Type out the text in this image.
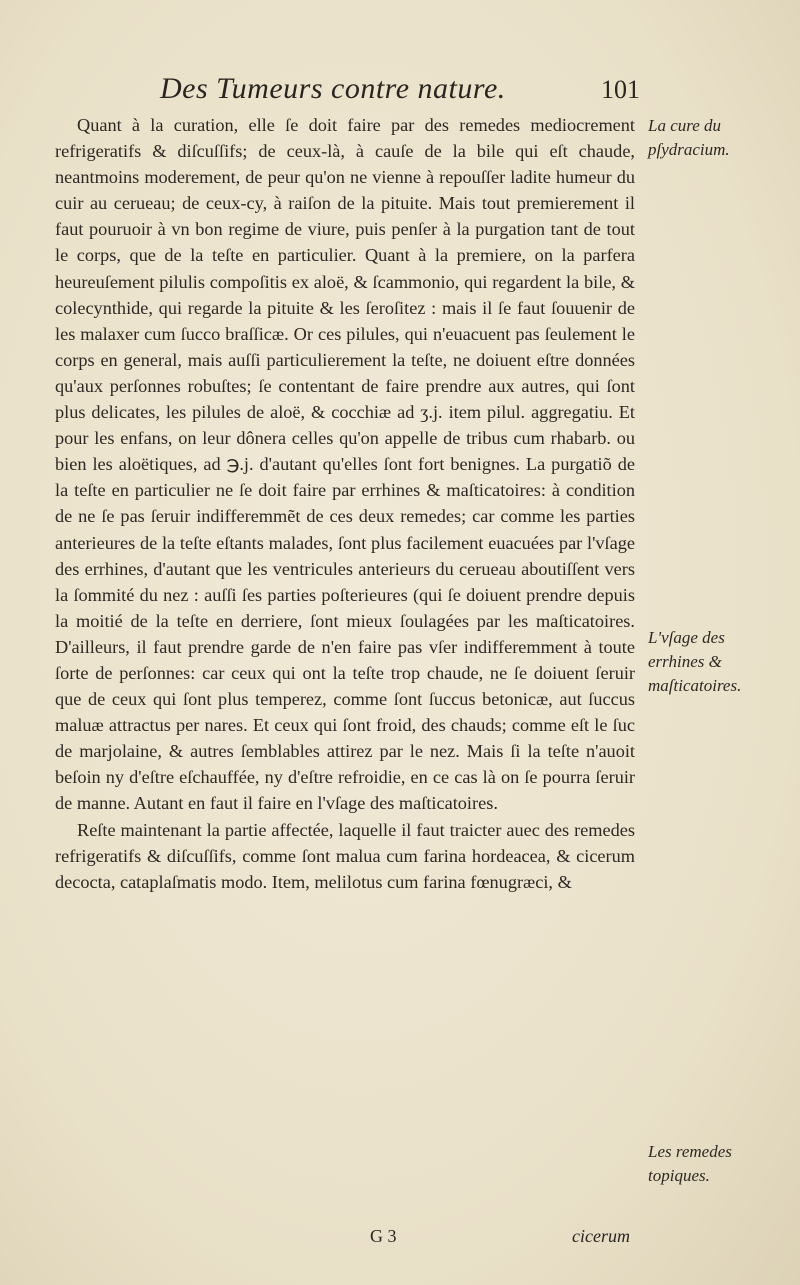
Des Tumeurs contre nature.	101

Quant à la curation, elle ſe doit faire par des remedes mediocrement refrigeratifs & diſcuſſifs; de ceux-là, à cauſe de la bile qui eſt chaude, neantmoins moderement, de peur qu'on ne vienne à repouſſer ladite humeur du cuir au cerueau; de ceux-cy, à raiſon de la pituite. Mais tout premierement il faut pouruoir à vn bon regime de viure, puis penſer à la purgation tant de tout le corps, que de la teſte en particulier. Quant à la premiere, on la parfera heureuſement pilulis compoſitis ex aloë, & ſcammonio, qui regardent la bile, & colecynthide, qui regarde la pituite & les ſeroſitez : mais il ſe faut ſouuenir de les malaxer cum ſucco braſſicæ. Or ces pilules, qui n'euacuent pas ſeulement le corps en general, mais auſſi particulierement la teſte, ne doiuent eſtre données qu'aux perſonnes robuſtes; ſe contentant de faire prendre aux autres, qui ſont plus delicates, les pilules de aloë, & cocchiæ ad ʒ.j. item pilul. aggregatiu. Et pour les enfans, on leur dônera celles qu'on appelle de tribus cum rhabarb. ou bien les aloëtiques, ad ℈.j. d'autant qu'elles ſont fort benignes. La purgatiõ de la teſte en particulier ne ſe doit faire par errhines & maſticatoires: à condition de ne ſe pas ſeruir indifferemmẽt de ces deux remedes; car comme les parties anterieures de la teſte eſtants malades, ſont plus facilement euacuées par l'vſage des errhines, d'autant que les ventricules anterieurs du cerueau aboutiſſent vers la ſommité du nez : auſſi ſes parties poſterieures (qui ſe doiuent prendre depuis la moitié de la teſte en derriere, ſont mieux ſoulagées par les maſticatoires. D'ailleurs, il faut prendre garde de n'en faire pas vſer indifferemment à toute ſorte de perſonnes: car ceux qui ont la teſte trop chaude, ne ſe doiuent ſeruir que de ceux qui ſont plus temperez, comme ſont ſuccus betonicæ, aut ſuccus maluæ attractus per nares. Et ceux qui ſont froid, des chauds; comme eſt le ſuc de marjolaine, & autres ſemblables attirez par le nez. Mais ſi la teſte n'auoit beſoin ny d'eſtre eſchauffée, ny d'eſtre refroidie, en ce cas là on ſe pourra ſeruir de manne. Autant en faut il faire en l'vſage des maſticatoires.

Reſte maintenant la partie affectée, laquelle il faut traicter auec des remedes refrigeratifs & diſcuſſifs, comme ſont malua cum farina hordeacea, & cicerum decocta, cataplaſmatis modo. Item, melilotus cum farina fœnugræci, &

La cure du pſydracium.
L'vſage des errhines & maſticatoires.
Les remedes topiques.
G 3	cicerum
